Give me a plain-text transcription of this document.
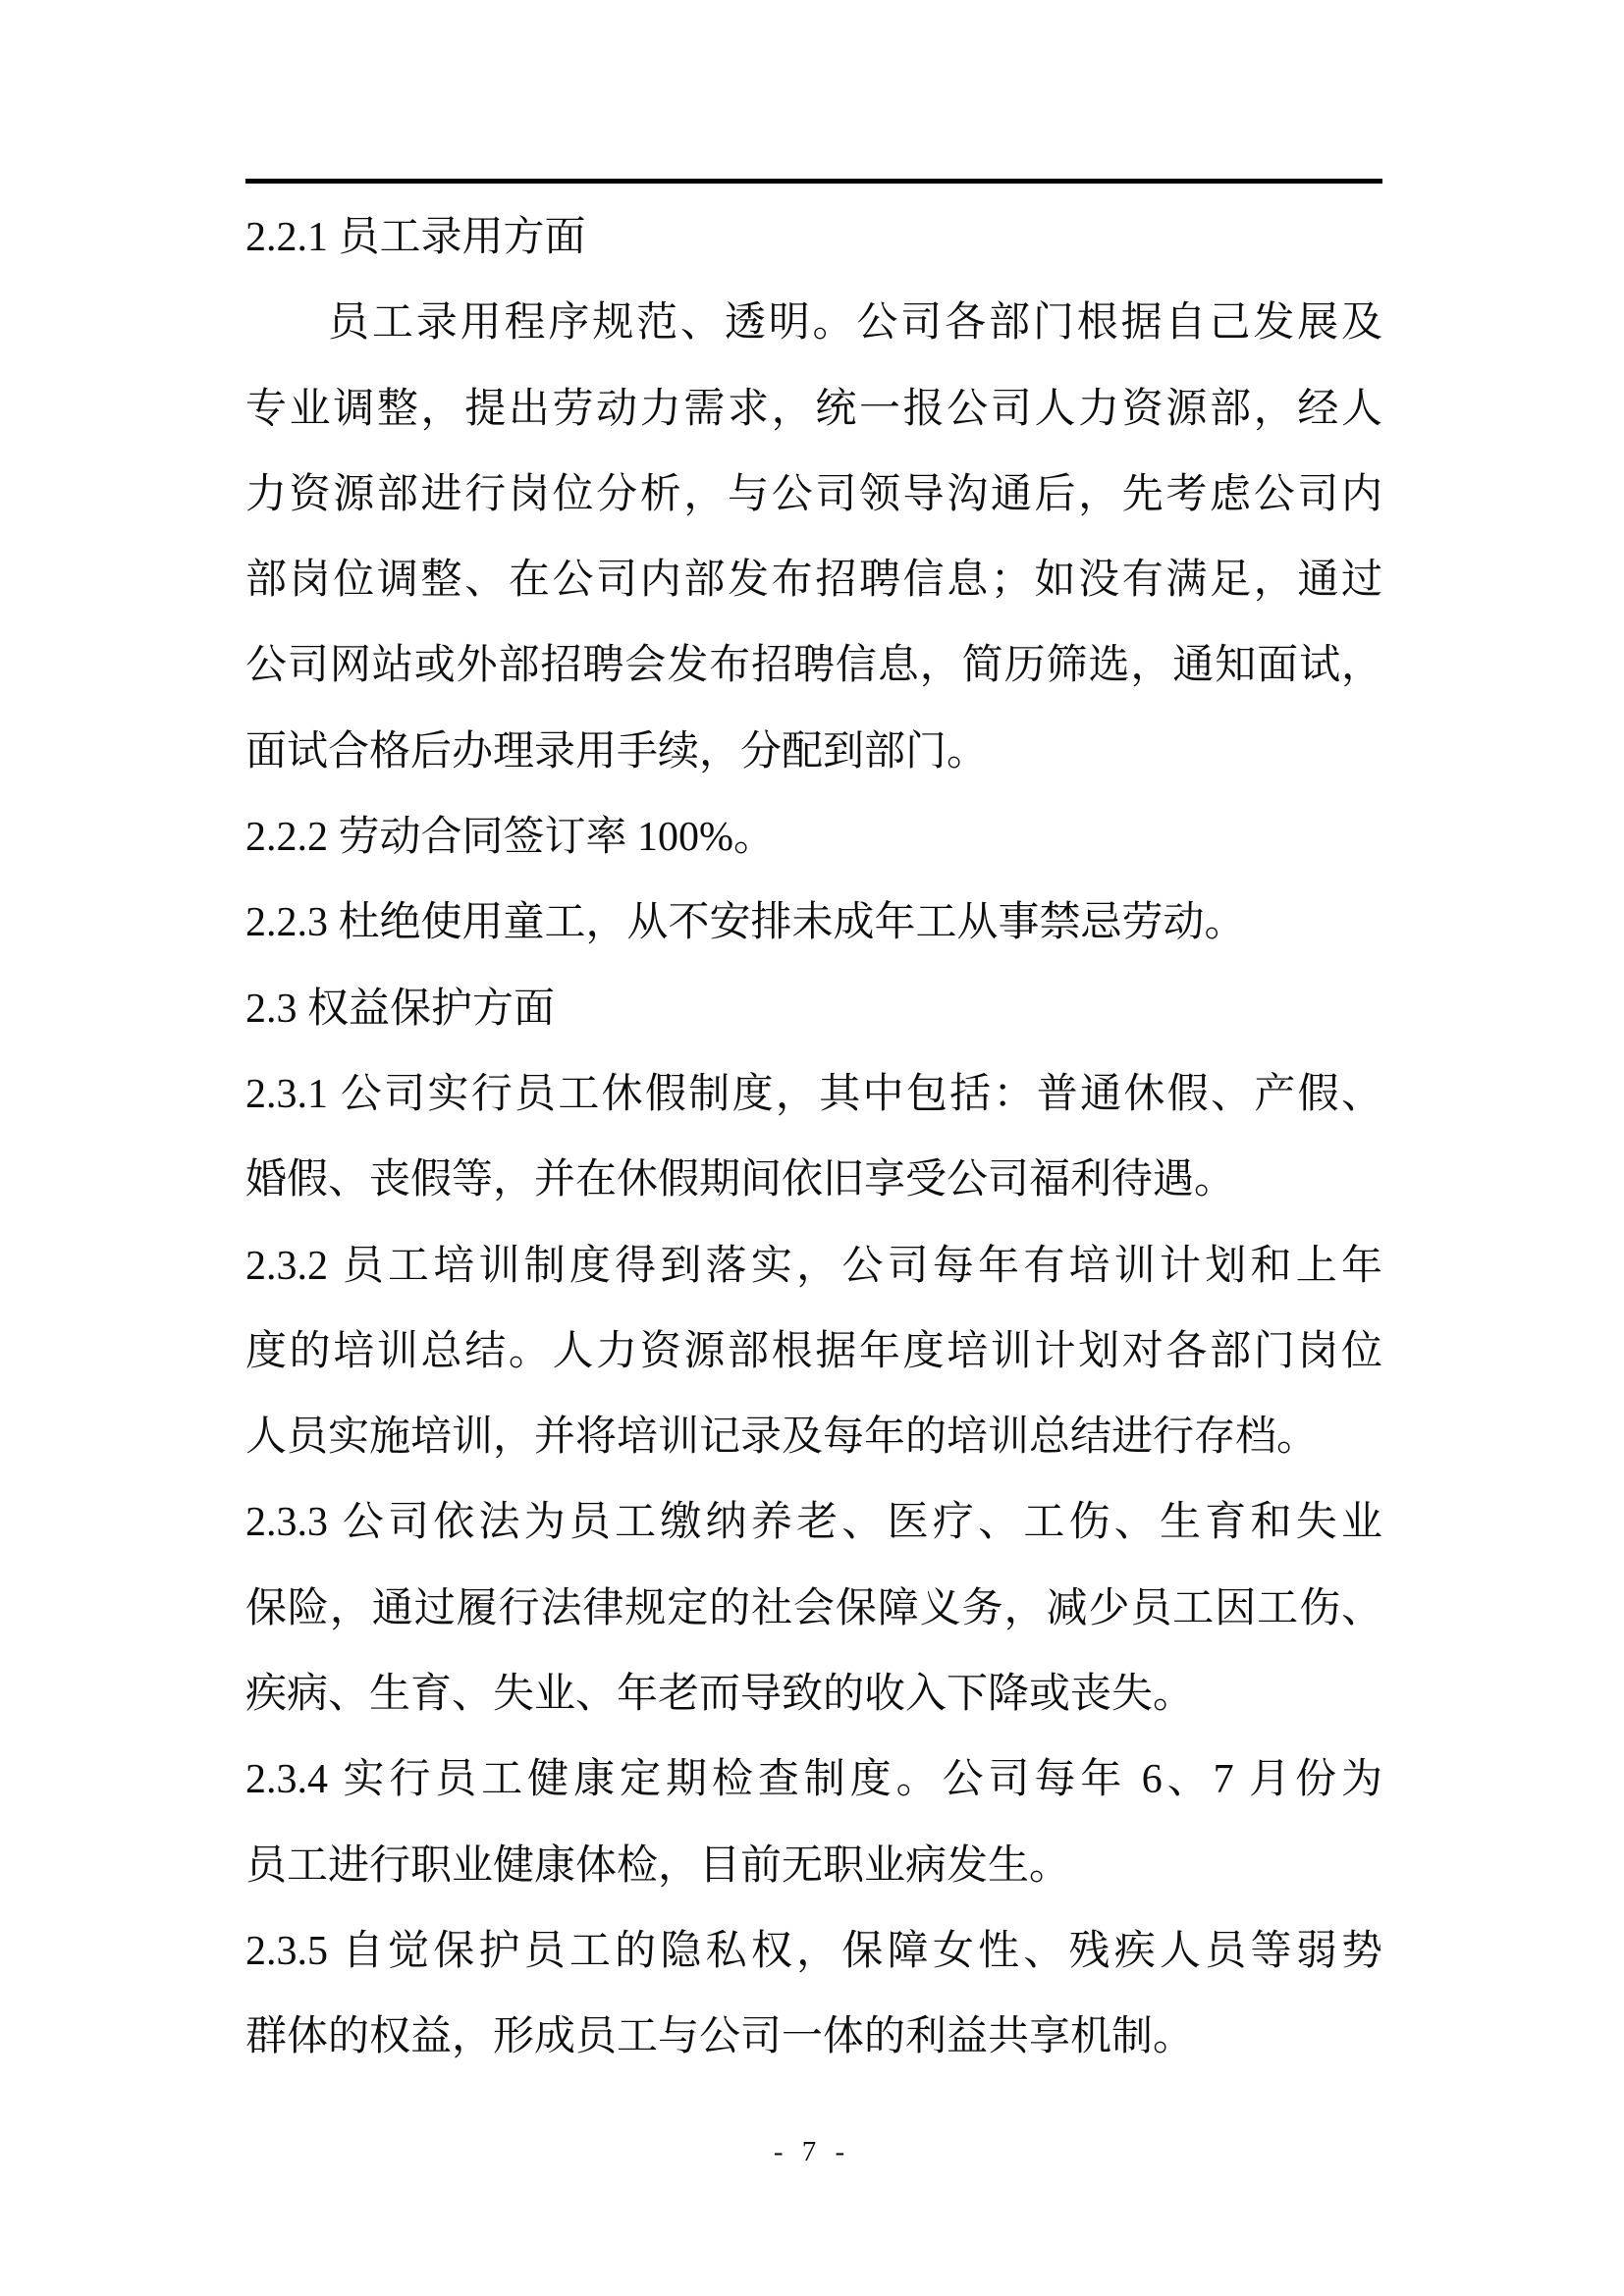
2.2.1 员工录用方面
员工录用程序规范、透明。公司各部门根据自己发展及
专业调整，提出劳动力需求，统一报公司人力资源部，经人
力资源部进行岗位分析，与公司领导沟通后，先考虑公司内
部岗位调整、在公司内部发布招聘信息；如没有满足，通过
公司网站或外部招聘会发布招聘信息，简历筛选，通知面试，
面试合格后办理录用手续，分配到部门。
2.2.2 劳动合同签订率 100%。
2.2.3 杜绝使用童工，从不安排未成年工从事禁忌劳动。
2.3 权益保护方面
2.3.1 公司实行员工休假制度，其中包括：普通休假、产假、
婚假、丧假等，并在休假期间依旧享受公司福利待遇。
2.3.2 员工培训制度得到落实，公司每年有培训计划和上年
度的培训总结。人力资源部根据年度培训计划对各部门岗位
人员实施培训，并将培训记录及每年的培训总结进行存档。
2.3.3 公司依法为员工缴纳养老、医疗、工伤、生育和失业
保险，通过履行法律规定的社会保障义务，减少员工因工伤、
疾病、生育、失业、年老而导致的收入下降或丧失。
2.3.4 实行员工健康定期检查制度。公司每年 6、7 月份为
员工进行职业健康体检，目前无职业病发生。
2.3.5 自觉保护员工的隐私权，保障女性、残疾人员等弱势
群体的权益，形成员工与公司一体的利益共享机制。
- 7 -
